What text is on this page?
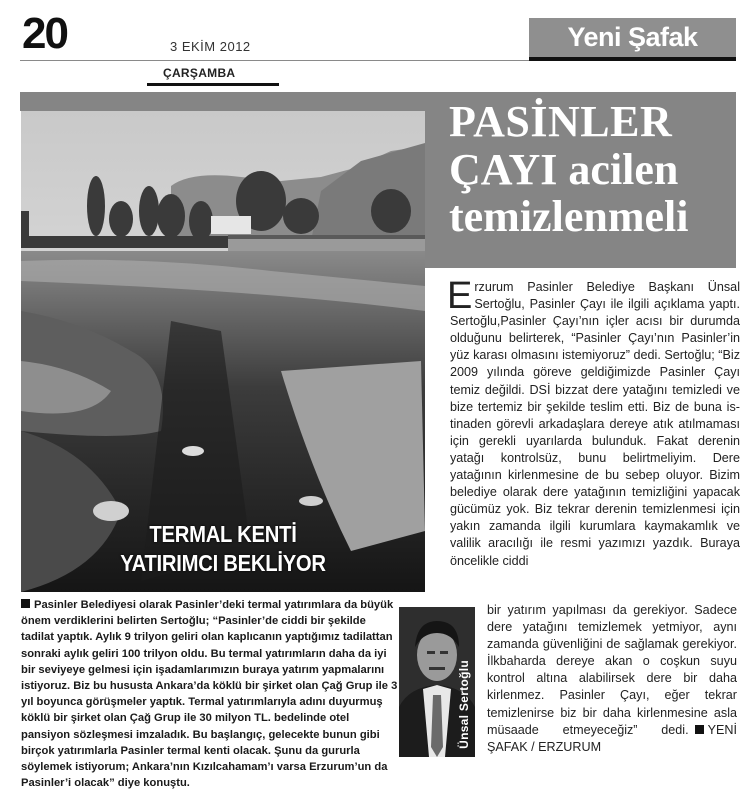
20	3 EKİM 2012
ÇARŞAMBA
Yeni Şafak
PASİNLER
ÇAYI acilen
temizlenmeli
TERMAL KENTİ
YATIRIMCI BEKLİYOR

Erzurum Pasinler Belediye Başkanı Ünsal Sertoğlu, Pasinler Çayı ile ilgili açıklama yaptı. Sertoğlu,Pasinler Çayı’nın içler acısı bir durumda olduğunu belirterek, “Pasinler Çayı’nın Pasinler’in yüz karası olmasını istemiyoruz” dedi. Sertoğlu; “Biz 2009 yılında göreve geldiğimizde Pasinler Çayı temiz değildi. DSİ bizzat dere yatağını temizledi ve bize tertemiz bir şekilde teslim etti. Biz de buna istinaden görevli arkadaşlara dereye atık atılmaması için gerekli uyarılarda bulunduk. Fakat derenin yatağı kontrolsüz, bunu belirtmeliyim. Dere yatağının kirlenmesine de bu sebep oluyor. Bizim belediye olarak dere yatağının temizliğini yapacak gücümüz yok. Biz tekrar derenin temizlenmesi için yakın zamanda ilgili kurumlara kaymakamlık ve valilik aracılığı ile resmi yazımızı yazdık. Buraya öncelikle ciddi

bir yatırım yapılması da gerekiyor. Sadece dere yatağını temizlemek yetmiyor, aynı zamanda güvenliğini de sağlamak gerekiyor. İlkbaharda dereye akan o coşkun suyu kontrol altına alabilirsek dere bir daha kirlenmez. Pasinler Çayı, eğer tekrar temizlenirse biz bir daha kirlenmesine asla müsaade etmeyeceğiz” dedi. YENİ ŞAFAK / ERZURUM

Pasinler Belediyesi olarak Pasinler’deki termal yatırımlara da büyük önem verdiklerini belirten Sertoğlu; “Pasinler’de ciddi bir şekilde tadilat yaptık. Aylık 9 trilyon geliri olan kaplıcanın yaptığımız tadilattan sonraki aylık geliri 100 trilyon oldu. Bu termal yatırımların daha da iyi bir seviyeye gelmesi için işadamlarımızın buraya yatırım yapmalarını istiyoruz. Biz bu hususta Ankara’da köklü bir şirket olan Çağ Grup ile 3 yıl boyunca görüşmeler yaptık. Termal yatırımlarıyla adını duyurmuş köklü bir şirket olan Çağ Grup ile 30 milyon TL. bedelinde otel pansiyon sözleşmesi imzaladık. Bu başlangıç, gelecekte bunun gibi birçok yatırımlarla Pasinler termal kenti olacak. Şunu da gururla söylemek istiyorum; Ankara’nın Kızılcahamam’ı varsa Erzurum’un da Pasinler’i olacak” diye konuştu.

Ünsal Sertoğlu
